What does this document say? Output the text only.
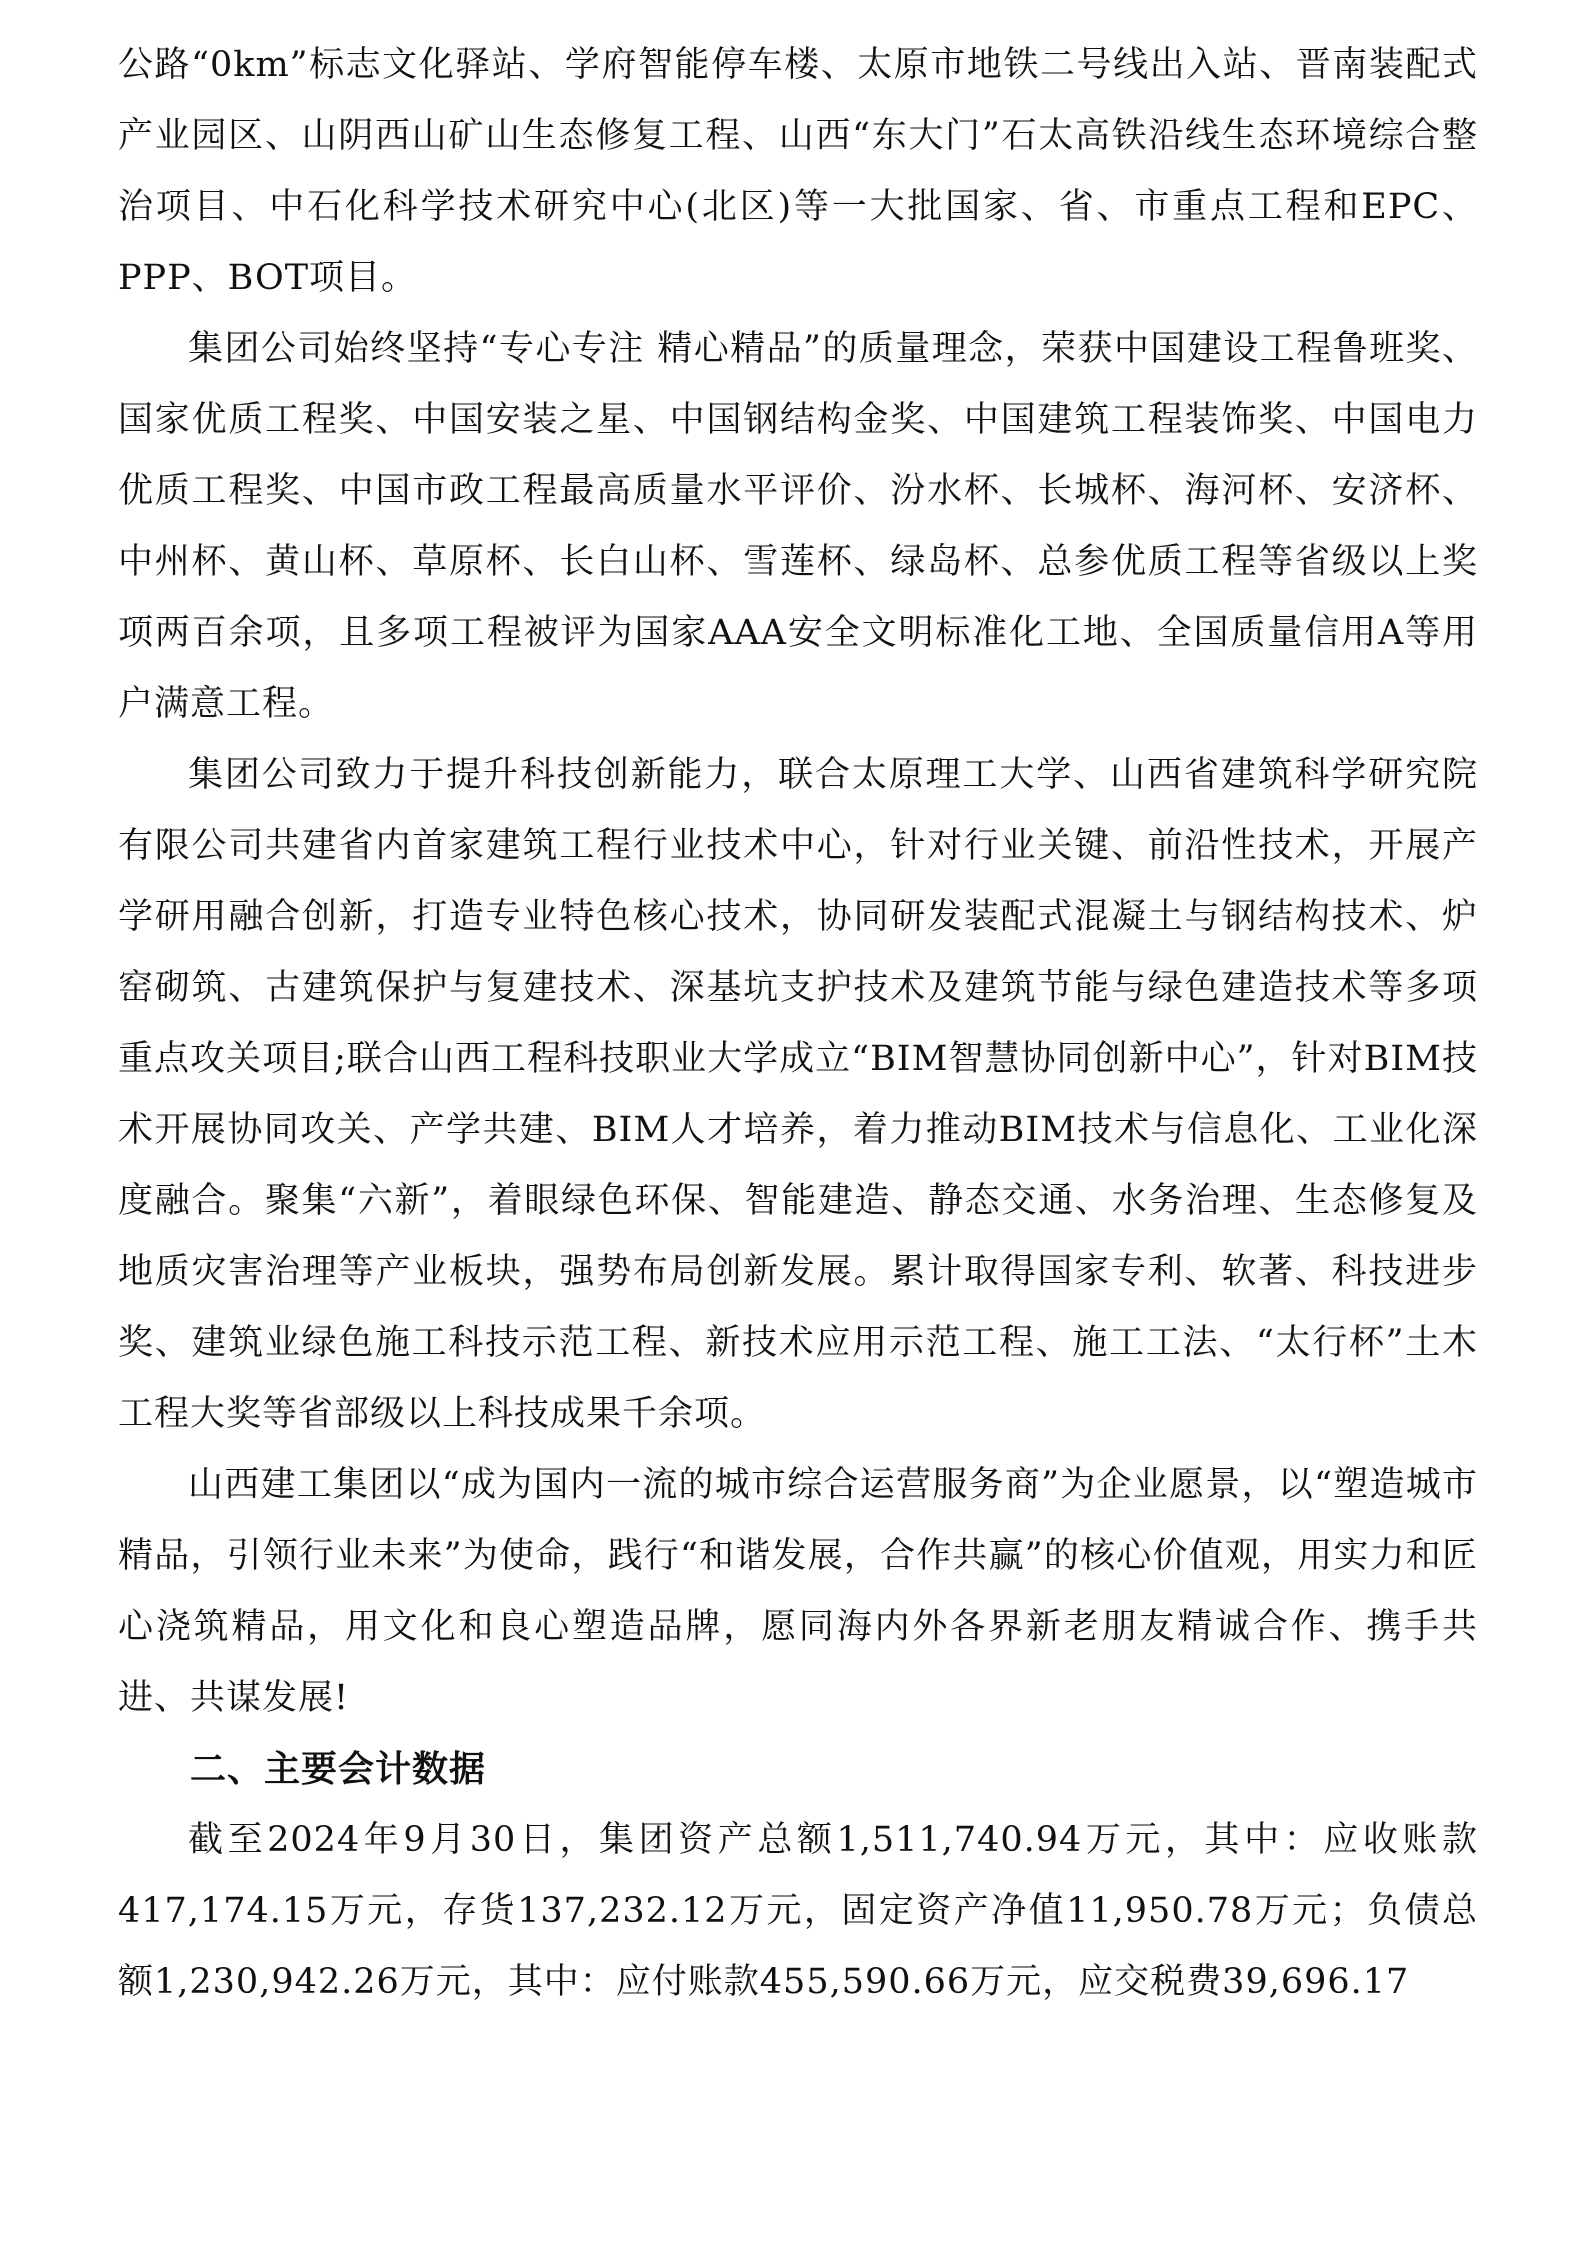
公路“0km”标志文化驿站、学府智能停车楼、太原市地铁二号线出入站、晋南装配式产业园区、山阴西山矿山生态修复工程、山西“东大门”石太高铁沿线生态环境综合整治项目、中石化科学技术研究中心(北区)等一大批国家、省、市重点工程和EPC、PPP、BOT项目。

集团公司始终坚持“专心专注 精心精品”的质量理念，荣获中国建设工程鲁班奖、国家优质工程奖、中国安装之星、中国钢结构金奖、中国建筑工程装饰奖、中国电力优质工程奖、中国市政工程最高质量水平评价、汾水杯、长城杯、海河杯、安济杯、中州杯、黄山杯、草原杯、长白山杯、雪莲杯、绿岛杯、总参优质工程等省级以上奖项两百余项，且多项工程被评为国家AAA安全文明标准化工地、全国质量信用A等用户满意工程。

集团公司致力于提升科技创新能力，联合太原理工大学、山西省建筑科学研究院有限公司共建省内首家建筑工程行业技术中心，针对行业关键、前沿性技术，开展产学研用融合创新，打造专业特色核心技术，协同研发装配式混凝土与钢结构技术、炉窑砌筑、古建筑保护与复建技术、深基坑支护技术及建筑节能与绿色建造技术等多项重点攻关项目;联合山西工程科技职业大学成立“BIM智慧协同创新中心”，针对BIM技术开展协同攻关、产学共建、BIM人才培养，着力推动BIM技术与信息化、工业化深度融合。聚集“六新”，着眼绿色环保、智能建造、静态交通、水务治理、生态修复及地质灾害治理等产业板块，强势布局创新发展。累计取得国家专利、软著、科技进步奖、建筑业绿色施工科技示范工程、新技术应用示范工程、施工工法、“太行杯”土木工程大奖等省部级以上科技成果千余项。

山西建工集团以“成为国内一流的城市综合运营服务商”为企业愿景，以“塑造城市精品，引领行业未来”为使命，践行“和谐发展，合作共赢”的核心价值观，用实力和匠心浇筑精品，用文化和良心塑造品牌，愿同海内外各界新老朋友精诚合作、携手共进、共谋发展!

二、主要会计数据

截至2024年9月30日，集团资产总额1,511,740.94万元，其中：应收账款417,174.15万元，存货137,232.12万元，固定资产净值11,950.78万元；负债总额1,230,942.26万元，其中：应付账款455,590.66万元，应交税费39,696.17
